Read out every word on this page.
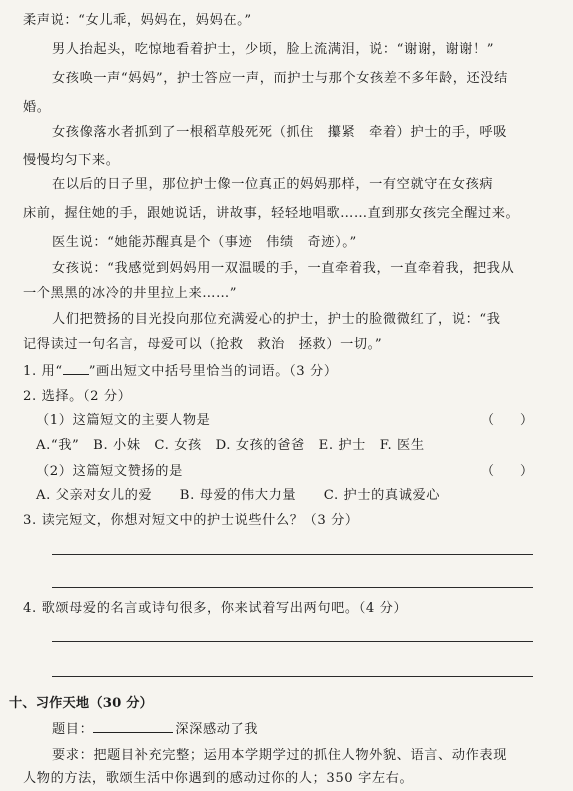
柔声说：“女儿乖，妈妈在，妈妈在。”
男人抬起头，吃惊地看着护士，少顷，脸上流满泪，说：“谢谢，谢谢！”
女孩唤一声“妈妈”，护士答应一声，而护士与那个女孩差不多年龄，还没结
婚。
女孩像落水者抓到了一根稻草般死死（抓住　攥紧　牵着）护士的手，呼吸
慢慢均匀下来。
在以后的日子里，那位护士像一位真正的妈妈那样，一有空就守在女孩病
床前，握住她的手，跟她说话，讲故事，轻轻地唱歌……直到那女孩完全醒过来。
医生说：“她能苏醒真是个（事迹　伟绩　奇迹）。”
女孩说：“我感觉到妈妈用一双温暖的手，一直牵着我，一直牵着我，把我从
一个黑黑的冰冷的井里拉上来……”
人们把赞扬的目光投向那位充满爱心的护士，护士的脸微微红了，说：“我
记得读过一句名言，母爱可以（抢救　救治　拯救）一切。”
1. 用“ ”画出短文中括号里恰当的词语。（3 分）
2. 选择。（2 分）
（1）这篇短文的主要人物是	（　　）
A.“我”　B. 小妹　C. 女孩　D. 女孩的爸爸　E. 护士　F. 医生
（2）这篇短文赞扬的是	（　　）
A. 父亲对女儿的爱　　B. 母爱的伟大力量　　C. 护士的真诚爱心
3. 读完短文，你想对短文中的护士说些什么？（3 分）
4. 歌颂母爱的名言或诗句很多，你来试着写出两句吧。（4 分）
十、习作天地（30 分）
题目：	深深感动了我
要求：把题目补充完整；运用本学期学过的抓住人物外貌、语言、动作表现
人物的方法，歌颂生活中你遇到的感动过你的人；350 字左右。
